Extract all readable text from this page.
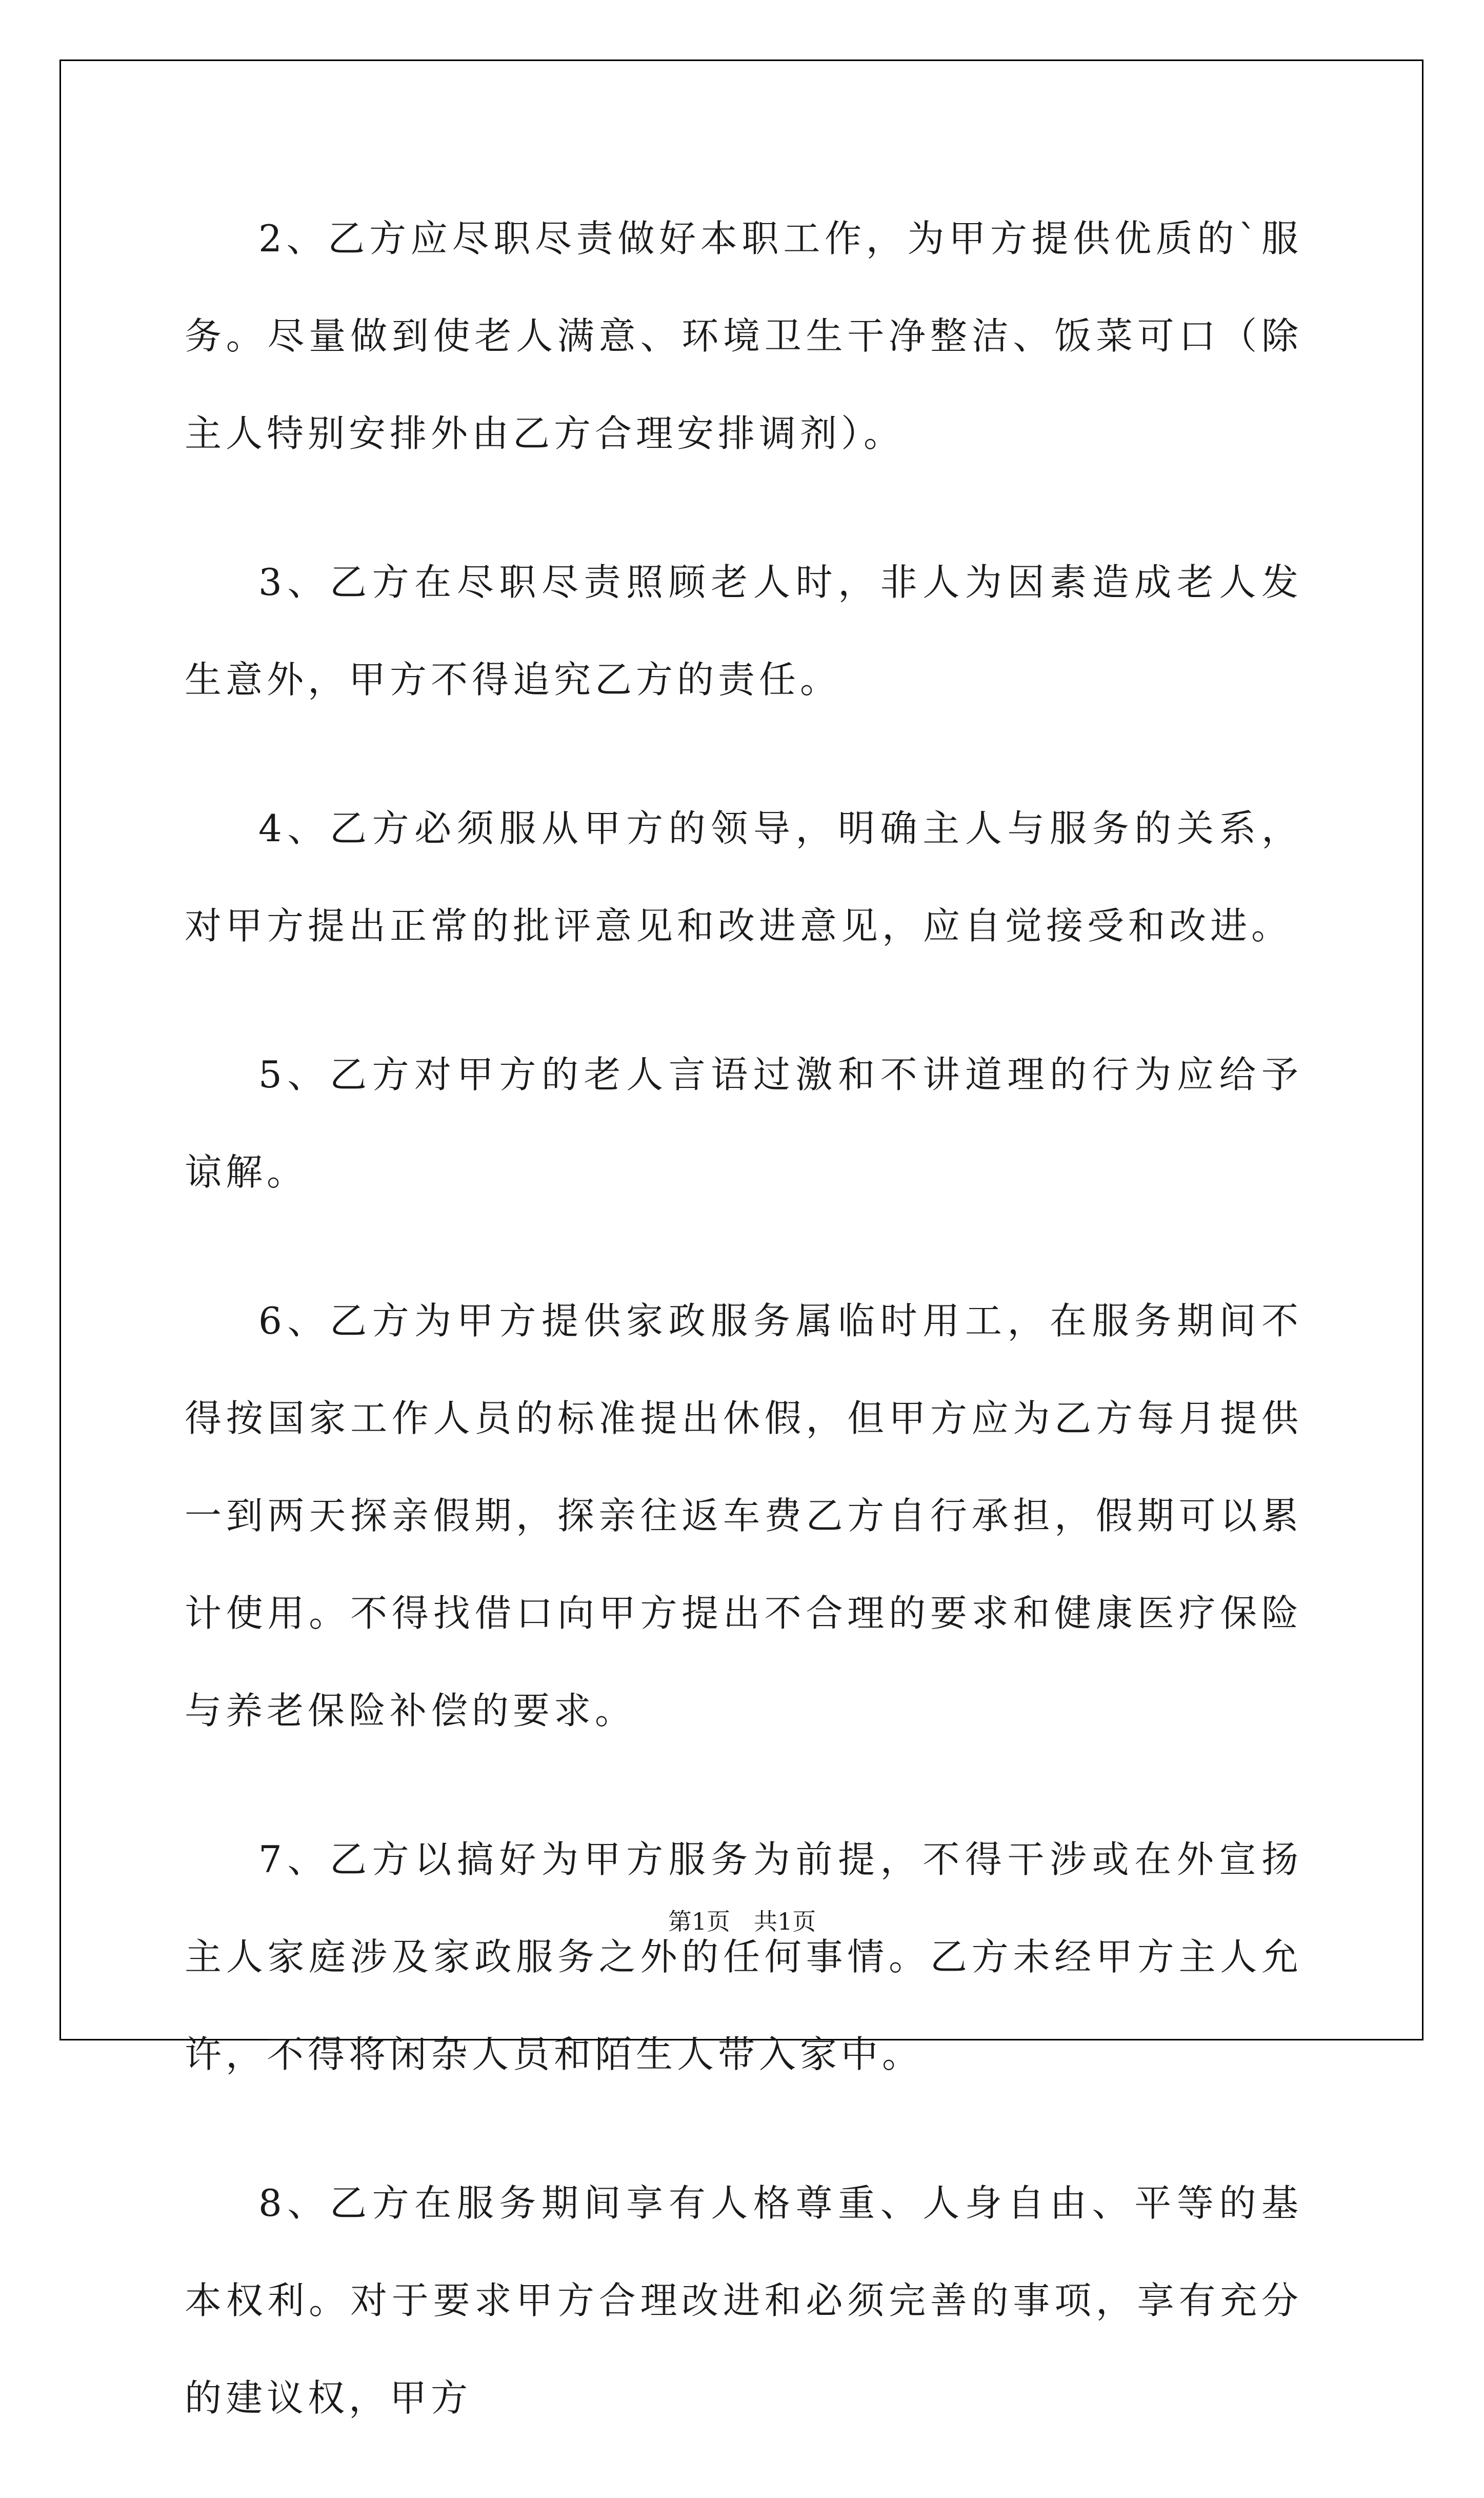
2、乙方应尽职尽责做好本职工作，为甲方提供优质的`服务。尽量做到使老人满意、环境卫生干净整洁、饭菜可口（除主人特别安排外由乙方合理安排调剂）。

3、乙方在尽职尽责照顾老人时，非人为因素造成老人发生意外，甲方不得追究乙方的责任。

4、乙方必须服从甲方的领导，明确主人与服务的关系，对甲方提出正常的批评意见和改进意见，应自觉接受和改进。

5、乙方对甲方的老人言语过激和不讲道理的行为应给予谅解。

6、乙方为甲方提供家政服务属临时用工，在服务期间不得按国家工作人员的标准提出休假，但甲方应为乙方每月提供一到两天探亲假期，探亲往返车费乙方自行承担，假期可以累计使用。不得找借口向甲方提出不合理的要求和健康医疗保险与养老保险补偿的要求。

7、乙方以搞好为甲方服务为前提，不得干涉或在外宣扬主人家庭涉及家政服务之外的任何事情。乙方未经甲方主人允许，不得将闲杂人员和陌生人带入家中。

8、乙方在服务期间享有人格尊重、人身自由、平等的基本权利。对于要求甲方合理改进和必须完善的事项，享有充分的建议权，甲方

第1页 共1页
